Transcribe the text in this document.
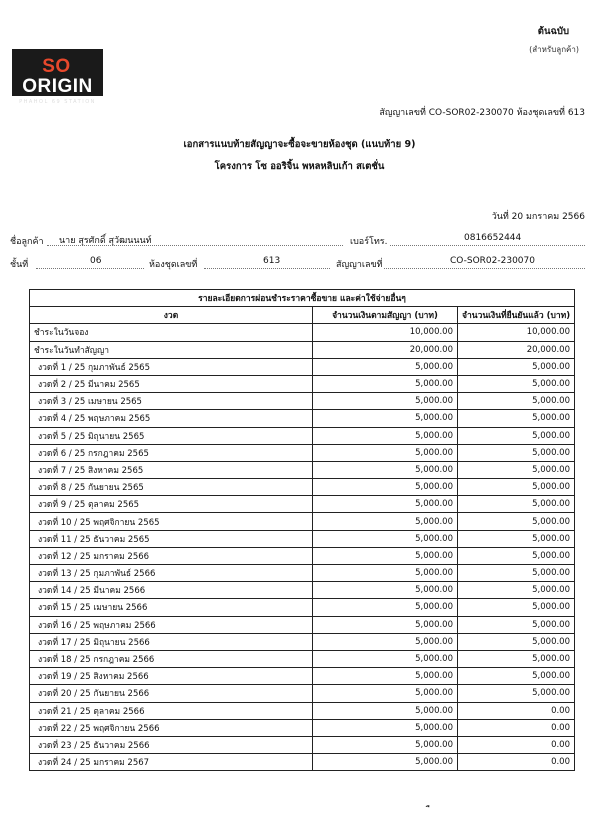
ต้นฉบับ
(สำหรับลูกค้า)
SO ORIGIN
PHAHOL 69 STATION
สัญญาเลขที่ CO-SOR02-230070 ห้องชุดเลขที่ 613
เอกสารแนบท้ายสัญญาจะซื้อจะขายห้องชุด (แนบท้าย 9)
โครงการ โซ ออริจิ้น พหลหลิบเก้า สเตชั่น
วันที่ 20 มกราคม 2566
ชื่อลูกค้า นาย สุรศักดิ์ สุวัฒนนนท์	เบอร์โทร.	0816652444
ชั้นที่	06	ห้องชุดเลขที่	613	สัญญาเลขที่	CO-SOR02-230070
รายละเอียดการผ่อนชำระราคาซื้อขาย และค่าใช้จ่ายอื่นๆ		
งวด	จำนวนเงินตามสัญญา (บาท)	จำนวนเงินที่ยืนยันแล้ว (บาท)
ชำระในวันจอง	10,000.00	10,000.00
ชำระในวันทำสัญญา	20,000.00	20,000.00
งวดที่ 1 / 25 กุมภาพันธ์ 2565	5,000.00	5,000.00
งวดที่ 2 / 25 มีนาคม 2565	5,000.00	5,000.00
งวดที่ 3 / 25 เมษายน 2565	5,000.00	5,000.00
งวดที่ 4 / 25 พฤษภาคม 2565	5,000.00	5,000.00
งวดที่ 5 / 25 มิถุนายน 2565	5,000.00	5,000.00
งวดที่ 6 / 25 กรกฎาคม 2565	5,000.00	5,000.00
งวดที่ 7 / 25 สิงหาคม 2565	5,000.00	5,000.00
งวดที่ 8 / 25 กันยายน 2565	5,000.00	5,000.00
งวดที่ 9 / 25 ตุลาคม 2565	5,000.00	5,000.00
งวดที่ 10 / 25 พฤศจิกายน 2565	5,000.00	5,000.00
งวดที่ 11 / 25 ธันวาคม 2565	5,000.00	5,000.00
งวดที่ 12 / 25 มกราคม 2566	5,000.00	5,000.00
งวดที่ 13 / 25 กุมภาพันธ์ 2566	5,000.00	5,000.00
งวดที่ 14 / 25 มีนาคม 2566	5,000.00	5,000.00
งวดที่ 15 / 25 เมษายน 2566	5,000.00	5,000.00
งวดที่ 16 / 25 พฤษภาคม 2566	5,000.00	5,000.00
งวดที่ 17 / 25 มิถุนายน 2566	5,000.00	5,000.00
งวดที่ 18 / 25 กรกฎาคม 2566	5,000.00	5,000.00
งวดที่ 19 / 25 สิงหาคม 2566	5,000.00	5,000.00
งวดที่ 20 / 25 กันยายน 2566	5,000.00	5,000.00
งวดที่ 21 / 25 ตุลาคม 2566	5,000.00	0.00
งวดที่ 22 / 25 พฤศจิกายน 2566	5,000.00	0.00
งวดที่ 23 / 25 ธันวาคม 2566	5,000.00	0.00
งวดที่ 24 / 25 มกราคม 2567	5,000.00	0.00
